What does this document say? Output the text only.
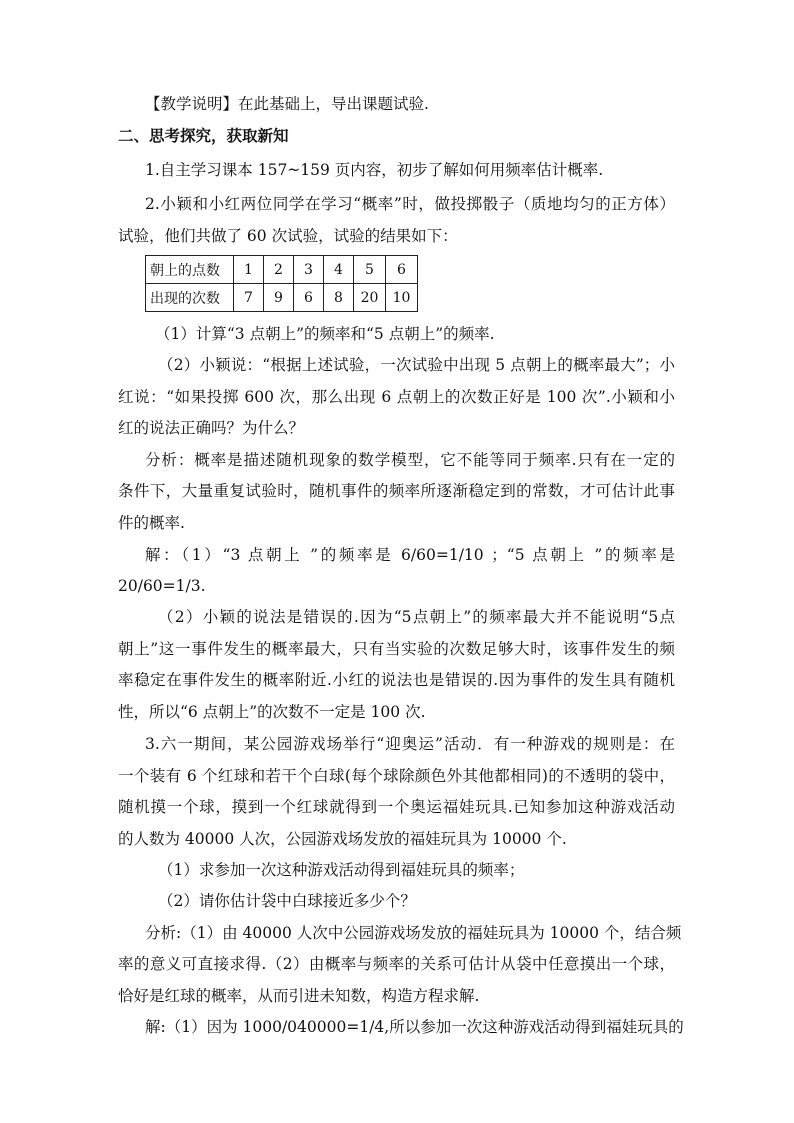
【教学说明】在此基础上，导出课题试验.
二、思考探究，获取新知
1.自主学习课本 157~159 页内容，初步了解如何用频率估计概率.
2.小颖和小红两位同学在学习“概率”时，做投掷骰子（质地均匀的正方体）
试验，他们共做了 60 次试验，试验的结果如下：
朝上的点数	1	2	3	4	5	6
出现的次数	7	9	6	8	20	10
（1）计算“3 点朝上”的频率和“5 点朝上”的频率.
（2）小颖说：“根据上述试验，一次试验中出现 5 点朝上的概率最大”；小
红说：“如果投掷 600 次，那么出现 6 点朝上的次数正好是 100 次”.小颖和小
红的说法正确吗？为什么？
分析：概率是描述随机现象的数学模型，它不能等同于频率.只有在一定的
条件下，大量重复试验时，随机事件的频率所逐渐稳定到的常数，才可估计此事
件的概率.
解：（1）“3 点朝上 ”的频率是 6/60=1/10 ；“5 点朝上 ”的频率是
20/60=1/3.
（2）小颖的说法是错误的.因为“5点朝上”的频率最大并不能说明“5点
朝上”这一事件发生的概率最大，只有当实验的次数足够大时，该事件发生的频
率稳定在事件发生的概率附近.小红的说法也是错误的.因为事件的发生具有随机
性，所以“6 点朝上”的次数不一定是 100 次.
3.六一期间，某公园游戏场举行“迎奥运”活动．有一种游戏的规则是：在
一个装有 6 个红球和若干个白球(每个球除颜色外其他都相同)的不透明的袋中，
随机摸一个球，摸到一个红球就得到一个奥运福娃玩具.已知参加这种游戏活动
的人数为 40000 人次，公园游戏场发放的福娃玩具为 10000 个.
（1）求参加一次这种游戏活动得到福娃玩具的频率；
（2）请你估计袋中白球接近多少个？
分析:（1）由 40000 人次中公园游戏场发放的福娃玩具为 10000 个，结合频
率的意义可直接求得.（2）由概率与频率的关系可估计从袋中任意摸出一个球，
恰好是红球的概率，从而引进未知数，构造方程求解.
解:（1）因为 1000/040000=1/4,所以参加一次这种游戏活动得到福娃玩具的
